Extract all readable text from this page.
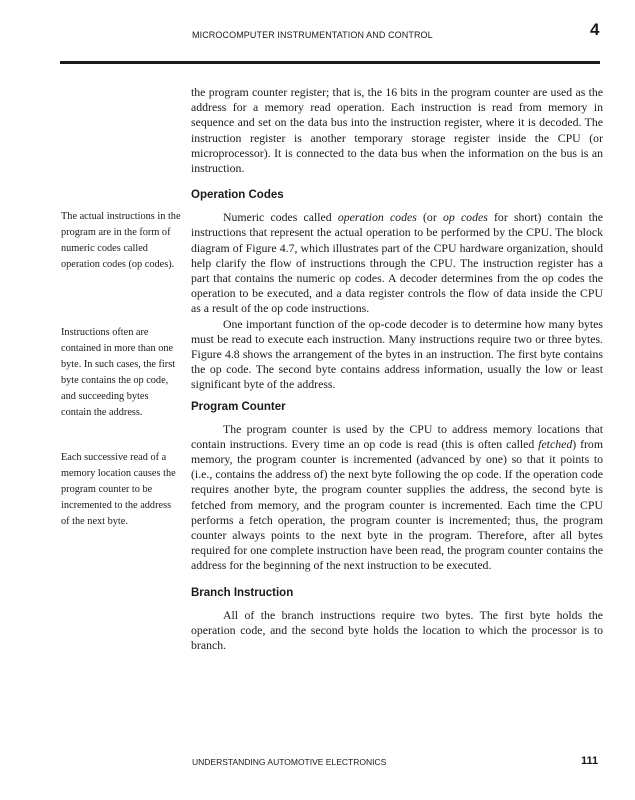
MICROCOMPUTER INSTRUMENTATION AND CONTROL	4

The actual instructions in the program are in the form of numeric codes called operation codes (op codes).

Instructions often are contained in more than one byte. In such cases, the first byte contains the op code, and succeeding bytes contain the address.

Each successive read of a memory location causes the program counter to be incremented to the address of the next byte.

the program counter register; that is, the 16 bits in the program counter are used as the address for a memory read operation. Each instruction is read from memory in sequence and set on the data bus into the instruction register, where it is decoded. The instruction register is another temporary storage register inside the CPU (or microprocessor). It is connected to the data bus when the information on the bus is an instruction.

Operation Codes

Numeric codes called operation codes (or op codes for short) contain the instructions that represent the actual operation to be performed by the CPU. The block diagram of Figure 4.7, which illustrates part of the CPU hardware organization, should help clarify the flow of instructions through the CPU. The instruction register has a part that contains the numeric op codes. A decoder determines from the op codes the operation to be executed, and a data register controls the flow of data inside the CPU as a result of the op code instructions.

One important function of the op-code decoder is to determine how many bytes must be read to execute each instruction. Many instructions require two or three bytes. Figure 4.8 shows the arrangement of the bytes in an instruction. The first byte contains the op code. The second byte contains address information, usually the low or least significant byte of the address.

Program Counter

The program counter is used by the CPU to address memory locations that contain instructions. Every time an op code is read (this is often called fetched) from memory, the program counter is incremented (advanced by one) so that it points to (i.e., contains the address of) the next byte following the op code. If the operation code requires another byte, the program counter supplies the address, the second byte is fetched from memory, and the program counter is incremented. Each time the CPU performs a fetch operation, the program counter is incremented; thus, the program counter always points to the next byte in the program. Therefore, after all bytes required for one complete instruction have been read, the program counter contains the address for the beginning of the next instruction to be executed.

Branch Instruction

All of the branch instructions require two bytes. The first byte holds the operation code, and the second byte holds the location to which the processor is to branch.

UNDERSTANDING AUTOMOTIVE ELECTRONICS	111
